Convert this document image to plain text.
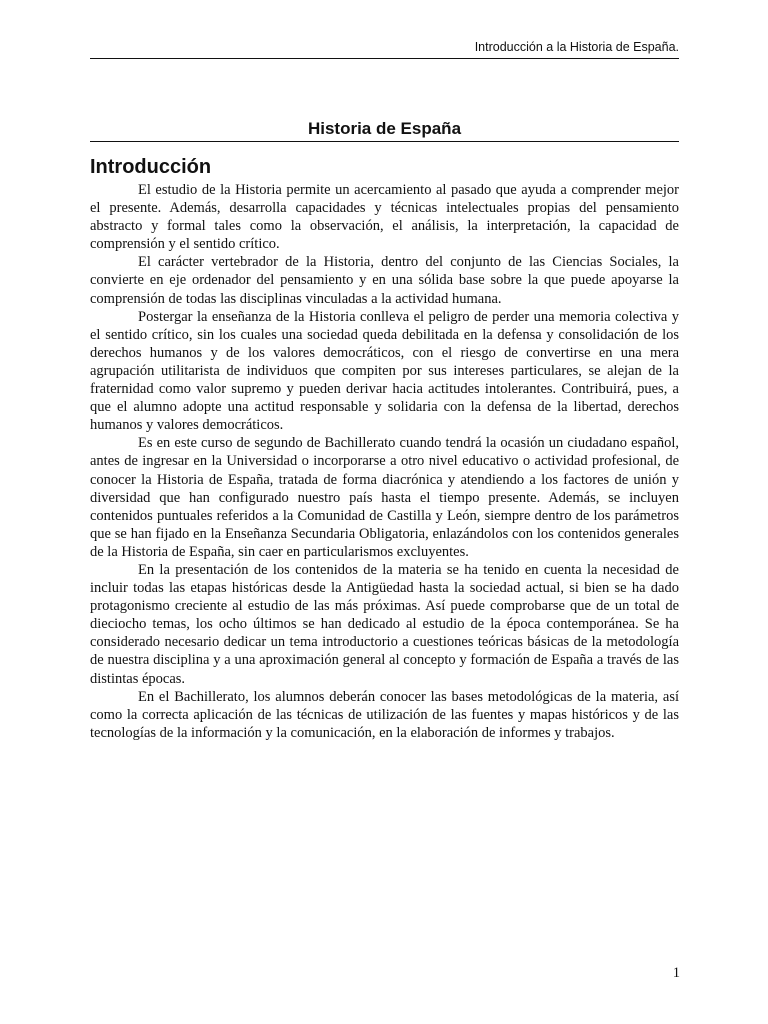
Introducción a la Historia de España.
Historia de España
Introducción

El estudio de la Historia permite un acercamiento al pasado que ayuda a comprender mejor el presente. Además, desarrolla capacidades y técnicas intelectuales propias del pensamiento abstracto y formal tales como la observación, el análisis, la interpretación, la capacidad de comprensión y el sentido crítico.

El carácter vertebrador de la Historia, dentro del conjunto de las Ciencias Sociales, la convierte en eje ordenador del pensamiento y en una sólida base sobre la que puede apoyarse la comprensión de todas las disciplinas vinculadas a la actividad humana.

Postergar la enseñanza de la Historia conlleva el peligro de perder una memoria colectiva y el sentido crítico, sin los cuales una sociedad queda debilitada en la defensa y consolidación de los derechos humanos y de los valores democráticos, con el riesgo de convertirse en una mera agrupación utilitarista de individuos que compiten por sus intereses particulares, se alejan de la fraternidad como valor supremo y pueden derivar hacia actitudes intolerantes. Contribuirá, pues, a que el alumno adopte una actitud responsable y solidaria con la defensa de la libertad, derechos humanos y valores democráticos.

Es en este curso de segundo de Bachillerato cuando tendrá la ocasión un ciudadano español, antes de ingresar en la Universidad o incorporarse a otro nivel educativo o actividad profesional, de conocer la Historia de España, tratada de forma diacrónica y atendiendo a los factores de unión y diversidad que han configurado nuestro país hasta el tiempo presente. Además, se incluyen contenidos puntuales referidos a la Comunidad de Castilla y León, siempre dentro de los parámetros que se han fijado en la Enseñanza Secundaria Obligatoria, enlazándolos con los contenidos generales de la Historia de España, sin caer en particularismos excluyentes.

En la presentación de los contenidos de la materia se ha tenido en cuenta la necesidad de incluir todas las etapas históricas desde la Antigüedad hasta la sociedad actual, si bien se ha dado protagonismo creciente al estudio de las más próximas. Así puede comprobarse que de un total de dieciocho temas, los ocho últimos se han dedicado al estudio de la época contemporánea. Se ha considerado necesario dedicar un tema introductorio a cuestiones teóricas básicas de la metodología de nuestra disciplina y a una aproximación general al concepto y formación de España a través de las distintas épocas.

En el Bachillerato, los alumnos deberán conocer las bases metodológicas de la materia, así como la correcta aplicación de las técnicas de utilización de las fuentes y mapas históricos y de las tecnologías de la información y la comunicación, en la elaboración de informes y trabajos.

1
